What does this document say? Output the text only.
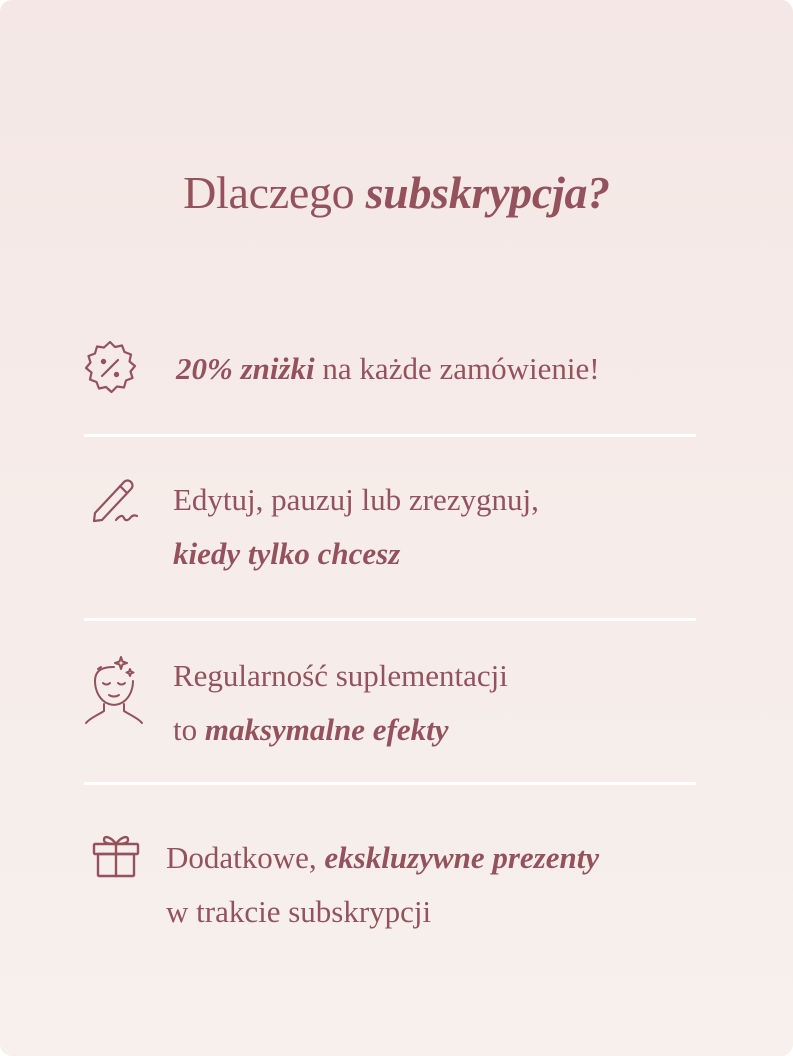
Dlaczego subskrypcja?
20% zniżki na każde zamówienie!
Edytuj, pauzuj lub zrezygnuj,
kiedy tylko chcesz
Regularność suplementacji
to maksymalne efekty
Dodatkowe, ekskluzywne prezenty
w trakcie subskrypcji
